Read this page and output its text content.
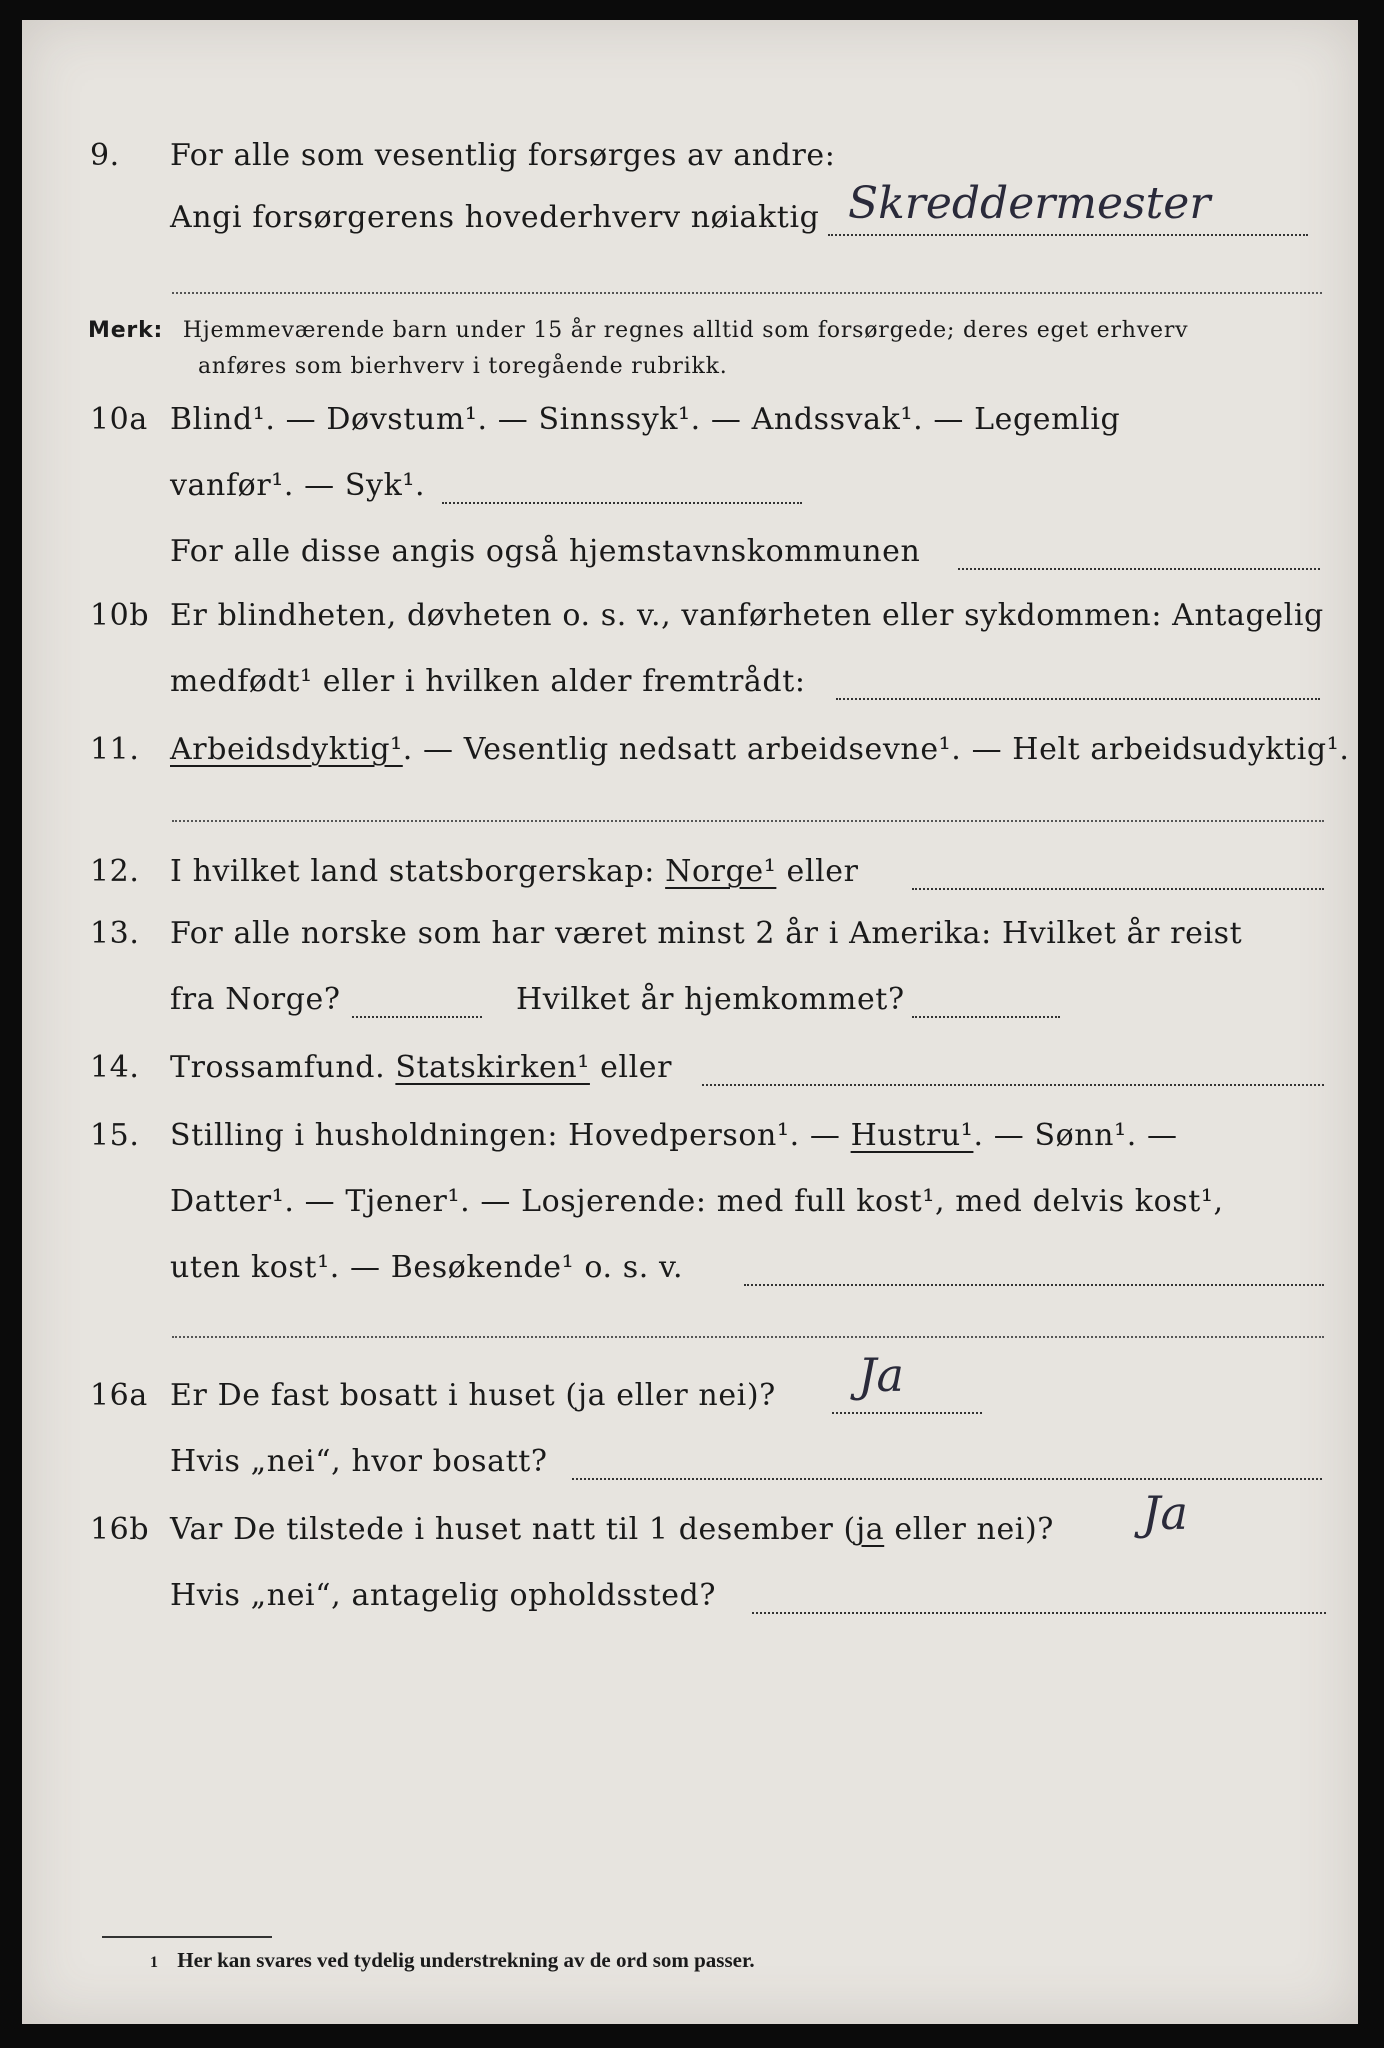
9. For alle som vesentlig forsørges av andre:
Angi forsørgerens hovederhverv nøiaktig Skreddermester
Merk: Hjemmeværende barn under 15 år regnes alltid som forsørgede; deres eget erhverv
anføres som bierhverv i toregående rubrikk.
10a Blind¹. — Døvstum¹. — Sinnssyk¹. — Andssvak¹. — Legemlig
vanfør¹. — Syk¹.
For alle disse angis også hjemstavnskommunen
10b Er blindheten, døvheten o. s. v., vanførheten eller sykdommen: Antagelig
medfødt¹ eller i hvilken alder fremtrådt:
11. Arbeidsdyktig¹. — Vesentlig nedsatt arbeidsevne¹. — Helt arbeidsudyktig¹.
12. I hvilket land statsborgerskap: Norge¹ eller
13. For alle norske som har været minst 2 år i Amerika: Hvilket år reist
fra Norge?	Hvilket år hjemkommet?
14. Trossamfund. Statskirken¹ eller
15. Stilling i husholdningen: Hovedperson¹. — Hustru¹. — Sønn¹. —
Datter¹. — Tjener¹. — Losjerende: med full kost¹, med delvis kost¹,
uten kost¹. — Besøkende¹ o. s. v.
16a Er De fast bosatt i huset (ja eller nei)? Ja
Hvis „nei“, hvor bosatt?
16b Var De tilstede i huset natt til 1 desember (ja eller nei)? Ja
Hvis „nei“, antagelig opholdssted?
1 Her kan svares ved tydelig understrekning av de ord som passer.
